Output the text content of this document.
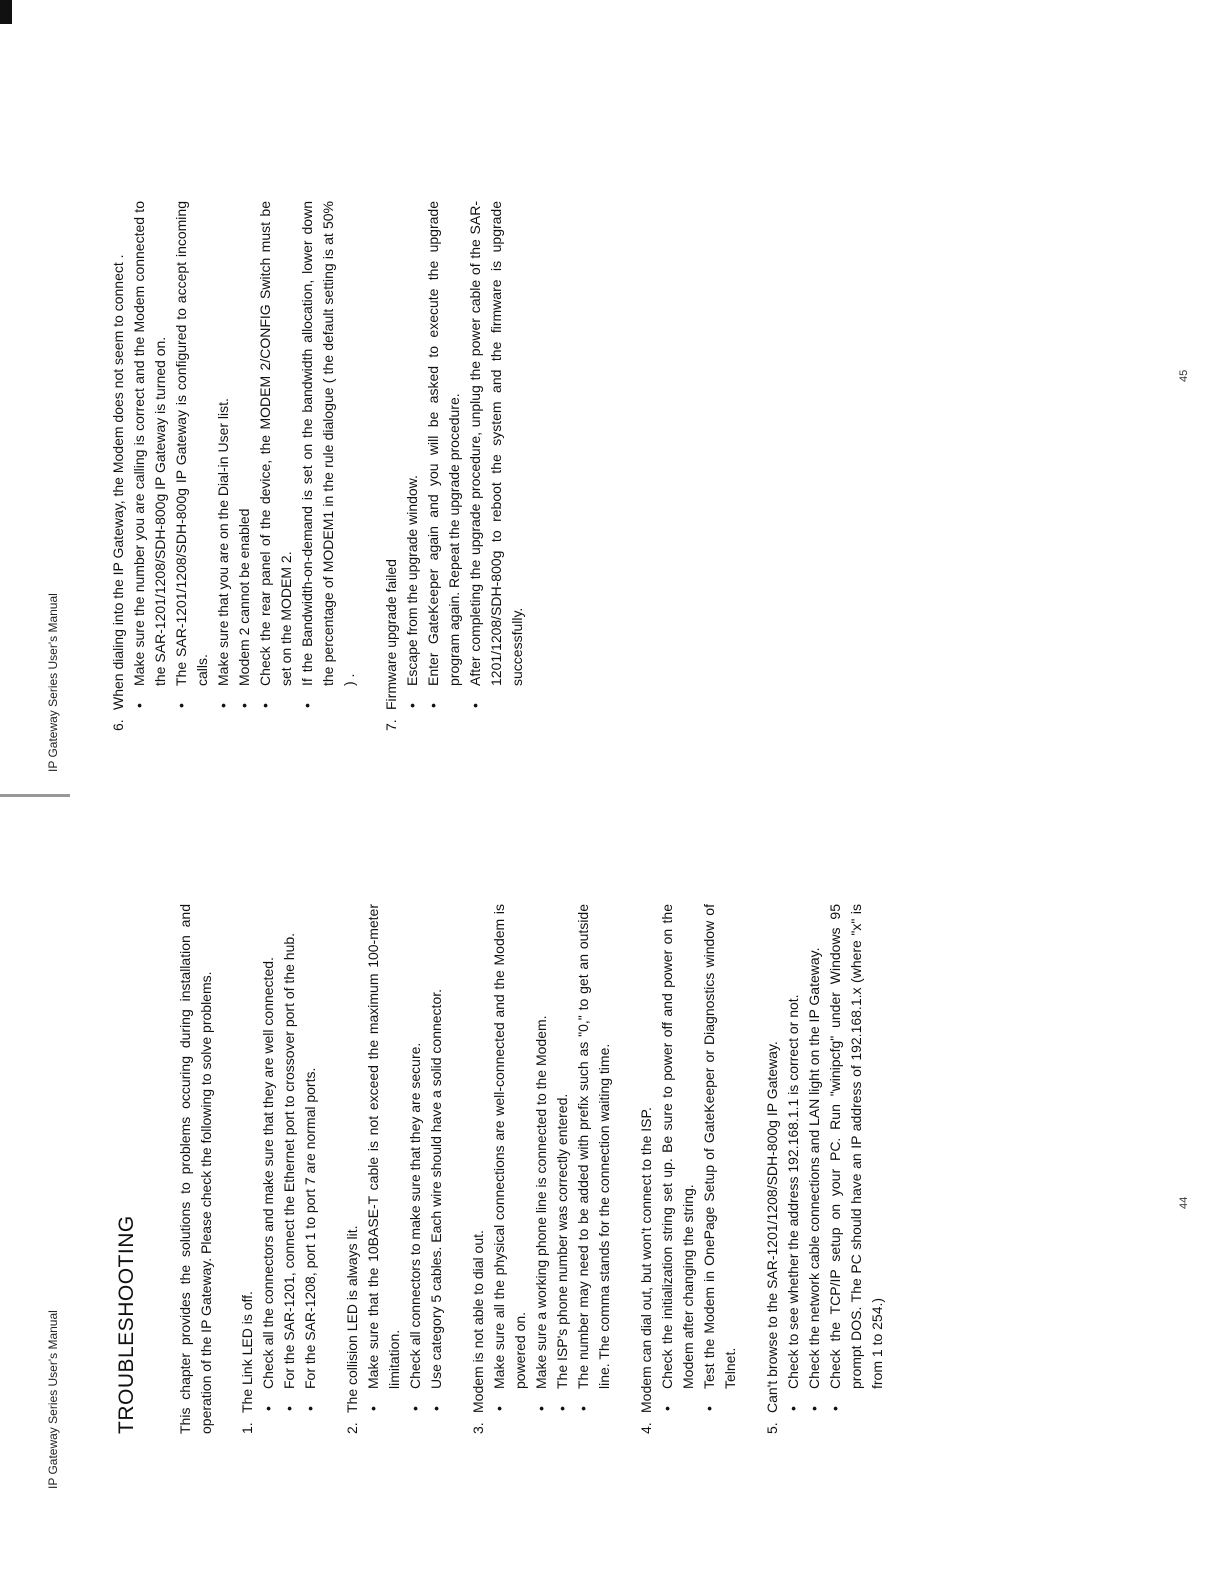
IP Gateway Series User's Manual	TROUBLESHOOTING	This chapter provides the solutions to problems occuring during installation and operation of the IP Gateway. Please check the following to solve problems. 1.
The Link LED is off. • Check all the connectors and make sure that they are well connected. • For the SAR-1201, connect the Ethernet port to crossover port of the hub. • For the SAR-1208, port 1 to port 7 are normal ports.
2.
The collision LED is always lit. • Make sure that the 10BASE-T cable is not exceed the maximum 100-meter limitation. • Check all connectors to make sure that they are secure. • Use category 5 cables. Each wire should have a solid connector.
3.
Modem is not able to dial out. • Make sure all the physical connections are well-connected and the Modem is powered on. • Make sure a working phone line is connected to the Modem. • The ISP's phone number was correctly entered. • The number may need to be added with prefix such as "0," to get an outside line. The comma stands for the connection waiting time.
4.
Modem can dial out, but won't connect to the ISP. • Check the initialization string set up. Be sure to power off and power on the Modem after changing the string. • Test the Modem in OnePage Setup of GateKeeper or Diagnostics window of Telnet.
5.
Can't browse to the SAR-1201/1208/SDH-800g IP Gateway. • Check to see whether the address 192.168.1.1 is correct or not. • Check the network cable connections and LAN light on the IP Gateway. • Check the TCP/IP setup on your PC. Run "winipcfg" under Windows 95 prompt DOS. The PC should have an IP address of 192.168.1.x (where "x" is from 1 to 254.)
44
IP Gateway Series User's Manual	6.
When dialing into the IP Gateway, the Modem does not seem to connect . • Make sure the number you are calling is correct and the Modem connected to the SAR-1201/1208/SDH-800g IP Gateway is turned on. • The SAR-1201/1208/SDH-800g IP Gateway is configured to accept incoming calls. • Make sure that you are on the Dial-in User list. • Modem 2 cannot be enabled • Check the rear panel of the device, the MODEM 2/CONFIG Switch must be set on the MODEM 2. • If the Bandwidth-on-demand is set on the bandwidth allocation, lower down the percentage of MODEM1 in the rule dialogue ( the default setting is at 50% ) .
7.
Firmware upgrade failed • Escape from the upgrade window. • Enter GateKeeper again and you will be asked to execute the upgrade program again. Repeat the upgrade procedure. • After completing the upgrade procedure, unplug the power cable of the SAR-1201/1208/SDH-800g to reboot the system and the firmware is upgrade successfully.
45
